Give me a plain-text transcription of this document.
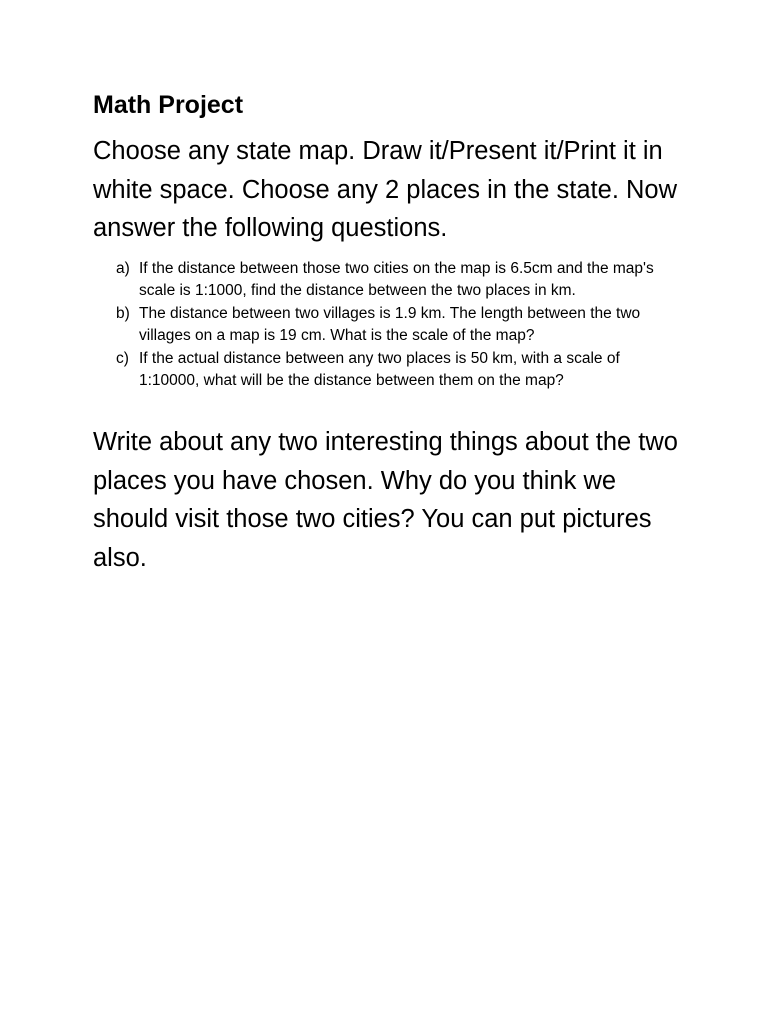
Math Project
Choose any state map. Draw it/Present it/Print it in white space. Choose any 2 places in the state. Now answer the following questions.
a) If the distance between those two cities on the map is 6.5cm and the map's scale is 1:1000, find the distance between the two places in km.
b) The distance between two villages is 1.9 km. The length between the two villages on a map is 19 cm. What is the scale of the map?
c) If the actual distance between any two places is 50 km, with a scale of 1:10000, what will be the distance between them on the map?
Write about any two interesting things about the two places you have chosen. Why do you think we should visit those two cities? You can put pictures also.
